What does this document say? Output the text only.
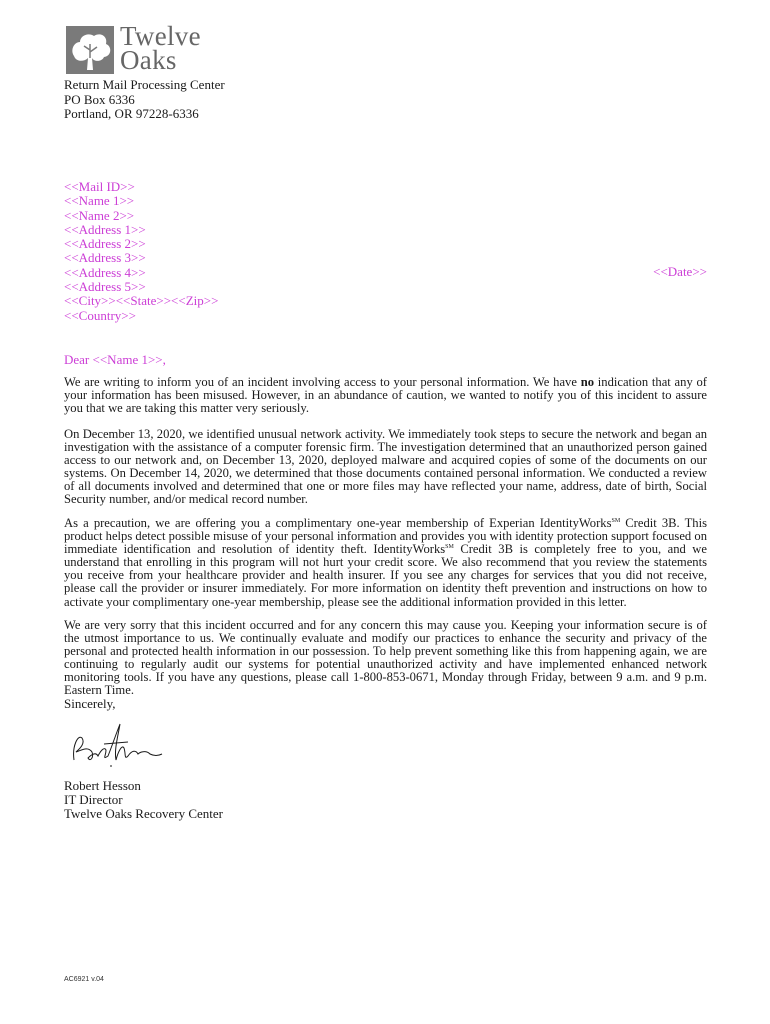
Twelve
Oaks
Return Mail Processing Center
PO Box 6336
Portland, OR 97228-6336
<<Mail ID>>
<<Name 1>>
<<Name 2>>
<<Address 1>>
<<Address 2>>
<<Address 3>>
<<Address 4>>
<<Address 5>>
<<City>><<State>><<Zip>>
<<Country>>
<<Date>>
Dear <<Name 1>>,

We are writing to inform you of an incident involving access to your personal information. We have no indication that any of your information has been misused. However, in an abundance of caution, we wanted to notify you of this incident to assure you that we are taking this matter very seriously.

On December 13, 2020, we identified unusual network activity. We immediately took steps to secure the network and began an investigation with the assistance of a computer forensic firm. The investigation determined that an unauthorized person gained access to our network and, on December 13, 2020, deployed malware and acquired copies of some of the documents on our systems. On December 14, 2020, we determined that those documents contained personal information. We conducted a review of all documents involved and determined that one or more files may have reflected your name, address, date of birth, Social Security number, and/or medical record number.

As a precaution, we are offering you a complimentary one-year membership of Experian IdentityWorks℠ Credit 3B. This product helps detect possible misuse of your personal information and provides you with identity protection support focused on immediate identification and resolution of identity theft. IdentityWorks℠ Credit 3B is completely free to you, and we understand that enrolling in this program will not hurt your credit score. We also recommend that you review the statements you receive from your healthcare provider and health insurer. If you see any charges for services that you did not receive, please call the provider or insurer immediately. For more information on identity theft prevention and instructions on how to activate your complimentary one-year membership, please see the additional information provided in this letter.

We are very sorry that this incident occurred and for any concern this may cause you. Keeping your information secure is of the utmost importance to us. We continually evaluate and modify our practices to enhance the security and privacy of the personal and protected health information in our possession. To help prevent something like this from happening again, we are continuing to regularly audit our systems for potential unauthorized activity and have implemented enhanced network monitoring tools. If you have any questions, please call 1-800-853-0671, Monday through Friday, between 9 a.m. and 9 p.m. Eastern Time.

Sincerely,
Robert Hesson
IT Director
Twelve Oaks Recovery Center
AC6921 v.04
